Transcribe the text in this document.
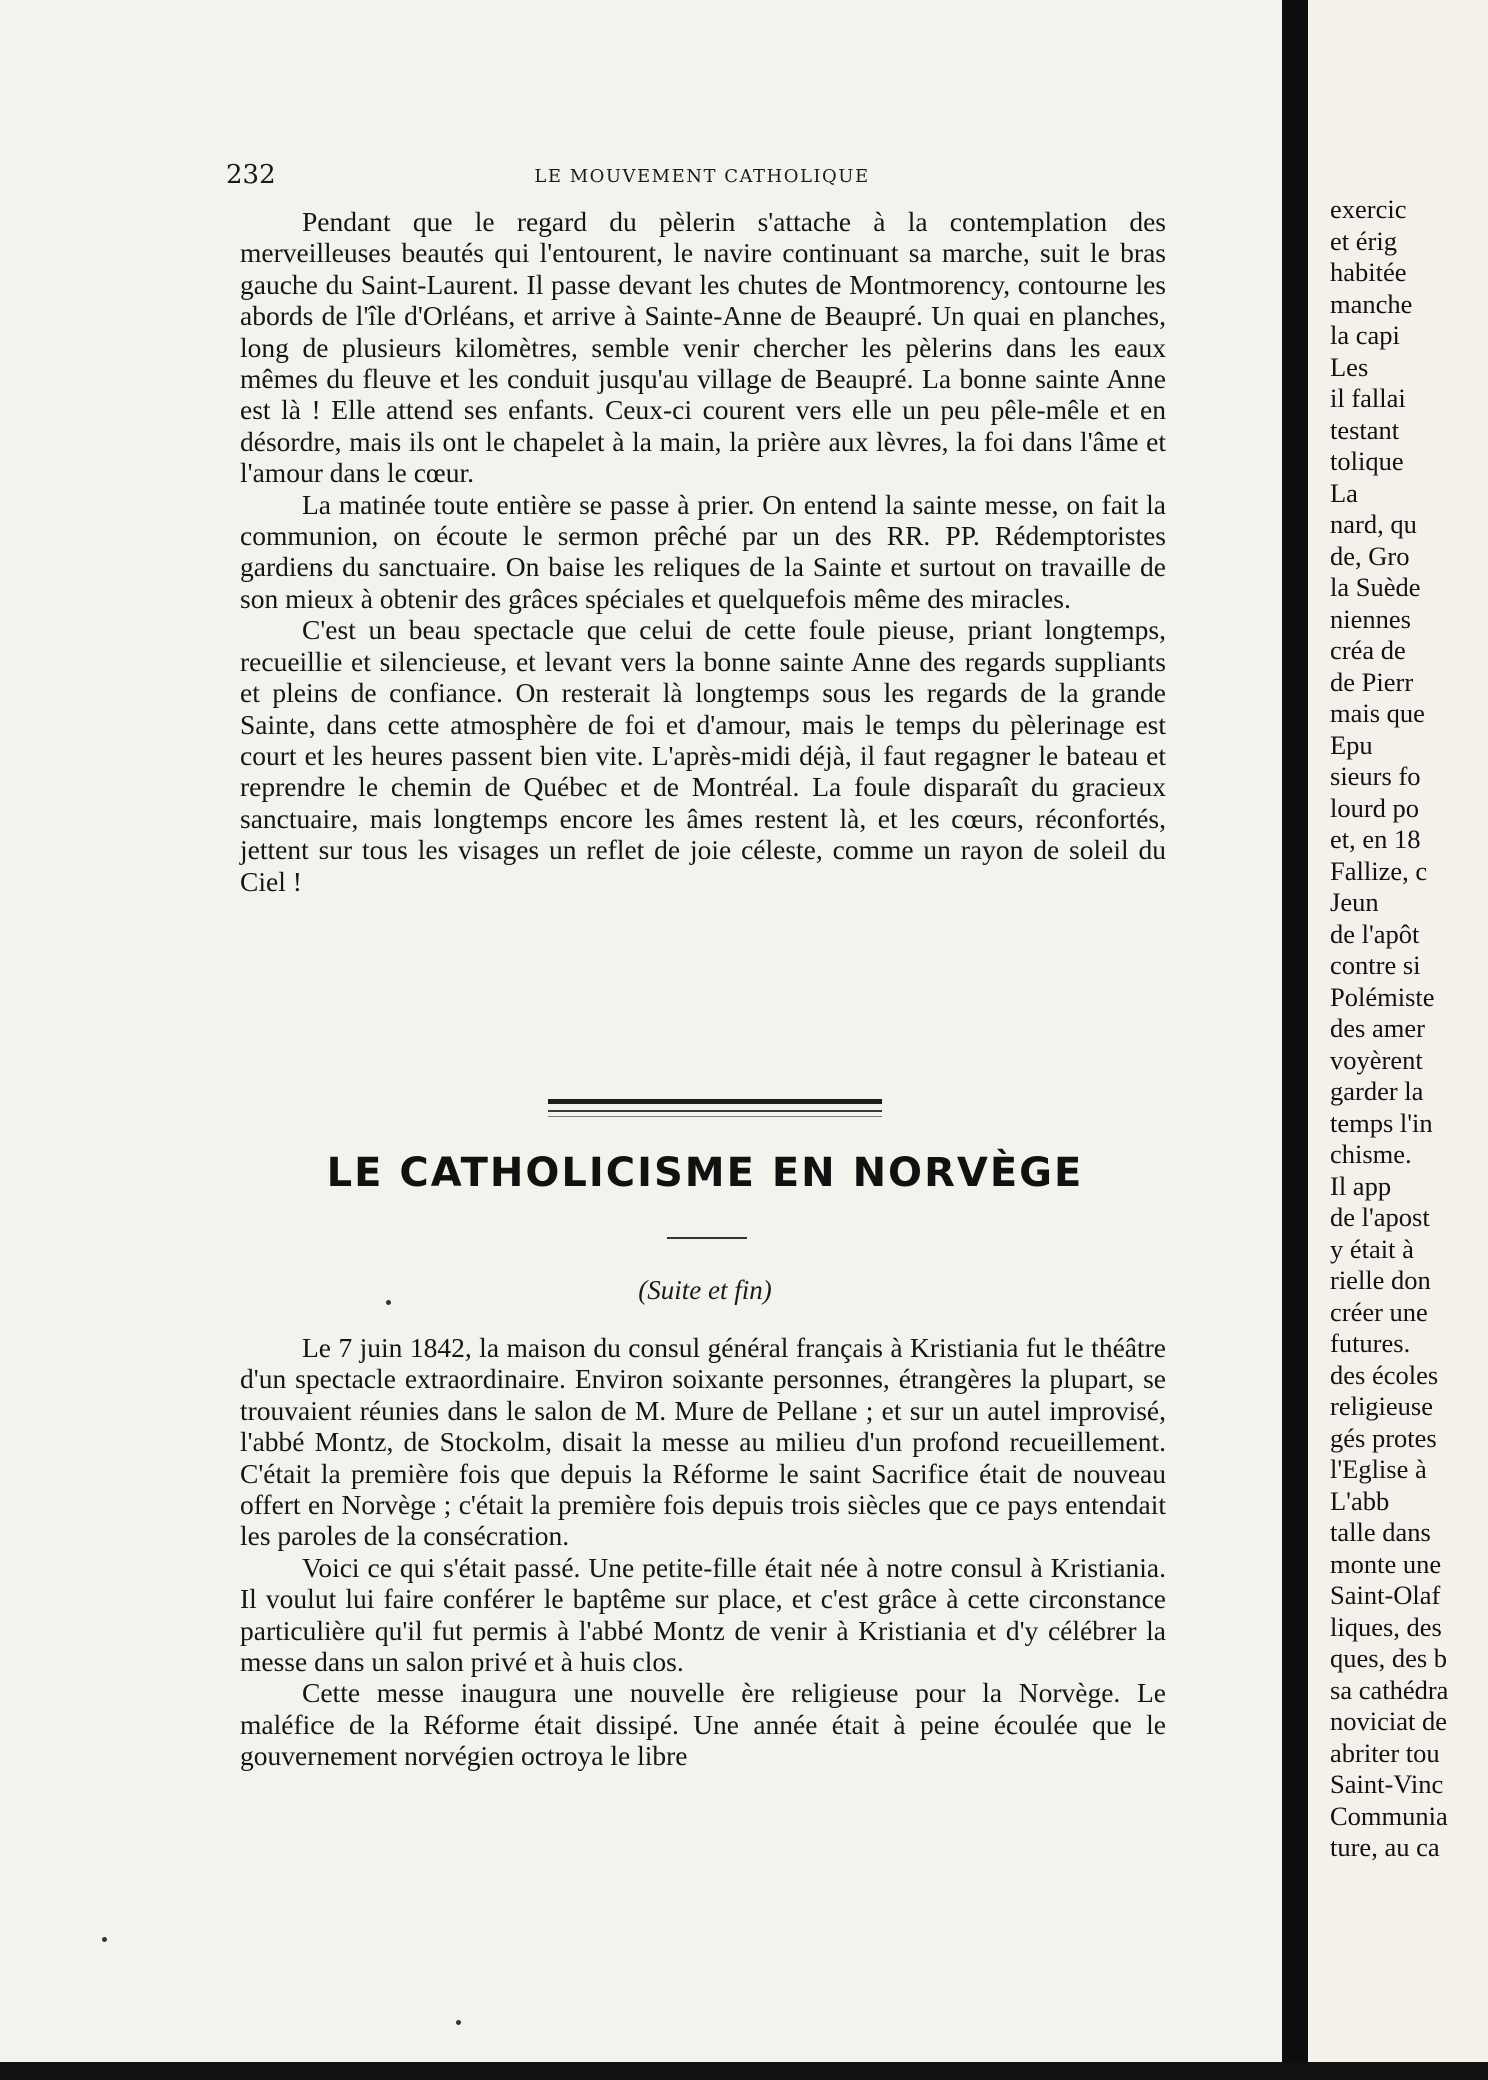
232	LE MOUVEMENT CATHOLIQUE

Pendant que le regard du pèlerin s'attache à la contemplation des merveilleuses beautés qui l'entourent, le navire continuant sa marche, suit le bras gauche du Saint-Laurent. Il passe devant les chutes de Montmorency, contourne les abords de l'île d'Orléans, et arrive à Sainte-Anne de Beaupré. Un quai en planches, long de plusieurs kilomètres, semble venir chercher les pèlerins dans les eaux mêmes du fleuve et les conduit jusqu'au village de Beaupré. La bonne sainte Anne est là ! Elle attend ses enfants. Ceux-ci courent vers elle un peu pêle-mêle et en désordre, mais ils ont le chapelet à la main, la prière aux lèvres, la foi dans l'âme et l'amour dans le cœur.

La matinée toute entière se passe à prier. On entend la sainte messe, on fait la communion, on écoute le sermon prêché par un des RR. PP. Rédemptoristes gardiens du sanctuaire. On baise les reliques de la Sainte et surtout on travaille de son mieux à obtenir des grâces spéciales et quelquefois même des miracles.

C'est un beau spectacle que celui de cette foule pieuse, priant longtemps, recueillie et silencieuse, et levant vers la bonne sainte Anne des regards suppliants et pleins de confiance. On resterait là longtemps sous les regards de la grande Sainte, dans cette atmosphère de foi et d'amour, mais le temps du pèlerinage est court et les heures passent bien vite. L'après-midi déjà, il faut regagner le bateau et reprendre le chemin de Québec et de Montréal. La foule disparaît du gracieux sanctuaire, mais longtemps encore les âmes restent là, et les cœurs, réconfortés, jettent sur tous les visages un reflet de joie céleste, comme un rayon de soleil du Ciel !

LE CATHOLICISME EN NORVÈGE
(Suite et fin)

Le 7 juin 1842, la maison du consul général français à Kristiania fut le théâtre d'un spectacle extraordinaire. Environ soixante personnes, étrangères la plupart, se trouvaient réunies dans le salon de M. Mure de Pellane ; et sur un autel improvisé, l'abbé Montz, de Stockolm, disait la messe au milieu d'un profond recueillement. C'était la première fois que depuis la Réforme le saint Sacrifice était de nouveau offert en Norvège ; c'était la première fois depuis trois siècles que ce pays entendait les paroles de la consécration.

Voici ce qui s'était passé. Une petite-fille était née à notre consul à Kristiania. Il voulut lui faire conférer le baptême sur place, et c'est grâce à cette circonstance particulière qu'il fut permis à l'abbé Montz de venir à Kristiania et d'y célébrer la messe dans un salon privé et à huis clos.

Cette messe inaugura une nouvelle ère religieuse pour la Norvège. Le maléfice de la Réforme était dissipé. Une année était à peine écoulée que le gouvernement norvégien octroya le libre

exercic
et érig
habitée
manche
la capi
Les
il fallai
testant
tolique
La
nard, qu
de, Gro
la Suède
niennes
créa de
de Pierr
mais que
Epu
sieurs fo
lourd po
et, en 18
Fallize, c
Jeun
de l'apôt
contre si
Polémiste
des amer
voyèrent
garder la
temps l'in
chisme.
Il app
de l'apost
y était à
rielle don
créer une
futures.
des écoles
religieuse
gés protes
l'Eglise à
L'abb
talle dans
monte une
Saint-Olaf
liques, des
ques, des b
sa cathédra
noviciat de
abriter tou
Saint-Vinc
Communia
ture, au ca
